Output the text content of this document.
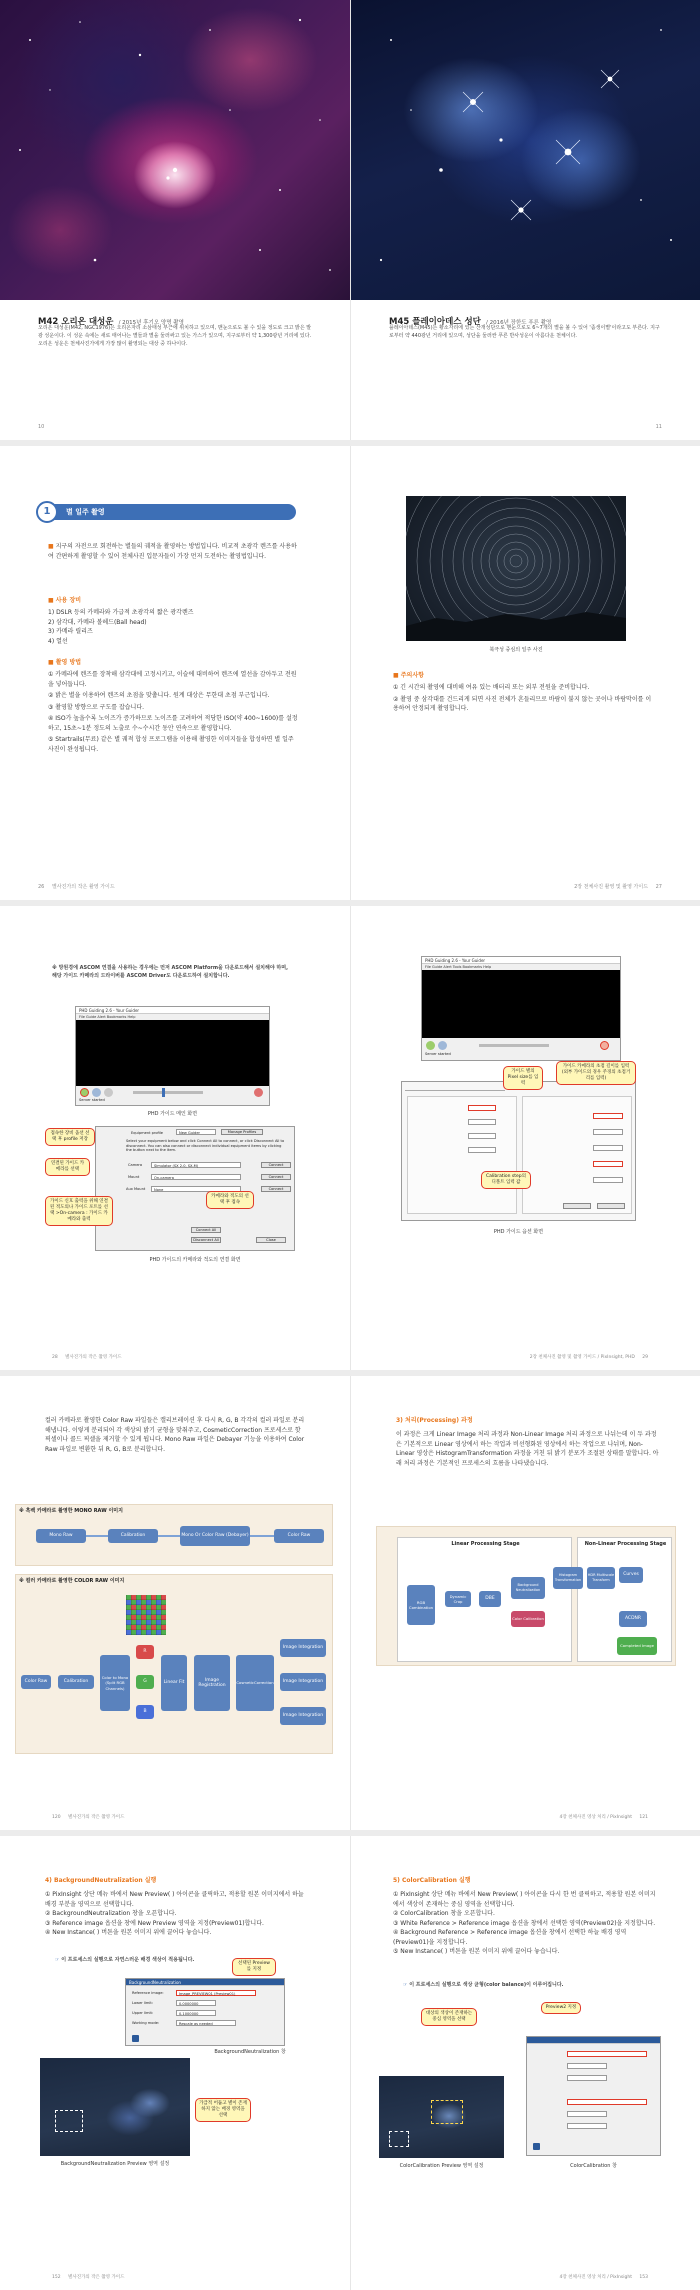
M42 오리온 대성운 / 2015년 후기오 양명 촬영
오리온 대성운(M42, NGC1976)은 오리온자리 소삼태성 부근에 위치하고 있으며, 맨눈으로도 볼 수 있을 정도로 크고 밝은 발광 성운이다. 이 성운 속에는 새로 태어나는 별들과 별을 둘러싸고 있는 가스가 있으며, 지구로부터 약 1,300광년 거리에 있다. 오리온 성운은 천체사진가에게 가장 많이 촬영되는 대상 중 하나이다.
10
M45 플레이아데스 성단 / 2016년 장한도 푸른 촬영
플레이아데스(M45)는 황소자리에 있는 산개성단으로 맨눈으로도 6~7개의 별을 볼 수 있어 '좀생이별'이라고도 부른다. 지구로부터 약 440광년 거리에 있으며, 성단을 둘러싼 푸른 반사성운이 아름다운 천체이다.
11
1	별 일주 촬영
■ 지구의 자전으로 회전하는 별들의 궤적을 촬영하는 방법입니다. 비교적 초광각 렌즈를 사용하여 간편하게 촬영할 수 있어 천체사진 입문자들이 가장 먼저 도전하는 촬영법입니다.
■ 사용 장비
1) DSLR 등의 카메라와 가급적 초광각의 짧은 광각렌즈
2) 삼각대, 카메라 볼헤드(Ball head)
3) 카메라 릴리즈
4) 열선
■ 촬영 방법
① 카메라에 렌즈를 장착해 삼각대에 고정시키고, 이슬에 대비하여 렌즈에 열선을 감아두고 전원을 넣어둡니다.
② 밝은 별을 이용하여 렌즈의 초점을 맞춥니다. 원계 대상은 무한대 초점 부근입니다.
③ 촬영할 방향으로 구도를 잡습니다.
④ ISO가 높을수록 노이즈가 증가하므로 노이즈를 고려하여 적당한 ISO(약 400~1600)를 설정하고, 15초~1분 정도의 노출로 수~수시간 동안 연속으로 촬영합니다.
⑤ Startrails(무료) 같은 별 궤적 합성 프로그램을 이용해 촬영한 이미지들을 합성하면 별 일주 사진이 완성됩니다.
26 별사진가의 작은 촬영 가이드
북극성 중심의 일주 사진
■ 주의사항
① 긴 시간의 촬영에 대비해 여유 있는 배터리 또는 외부 전원을 준비합니다.
② 촬영 중 삼각대를 건드리게 되면 사진 전체가 흔들리므로 바람이 불지 않는 곳이나 바람막이를 이용하여 안정되게 촬영합니다.
2장 천체사진 촬영 및 촬영 가이드 27
※ 망원경에 ASCOM 연결을 사용하는 경우에는 먼저 ASCOM Platform을 다운로드해서 설치해야 하며, 해당 가이드 카메라의 드라이버를 ASCOM Driver도 다운로드하여 설치합니다.
PHD Guiding 2.6 - Your Guider
File Guide Alert Bookmarks Help
Server started
PHD 가이드 메인 화면
Equipment profile	New Guider	Manage Profiles
Select your equipment below and click Connect All to connect, or click Disconnect All to disconnect. You can also connect or disconnect individual equipment items by clicking the button next to the item.
Camera	Simulator (SX 2.0, SX-M)	Connect
Mount	On-camera	Connect
Aux Mount None	Connect
Connect All
Disconnect All	Close
접속한 장비 옵션 선택 후 profile 저장
연결된 가이드 카메라를 선택
가이드 신호 출력을 위해 연결된 적도의나 가이드 포트를 선택 >On-camera : 가이드 카메라와 출력
카메라와 적도의 선택 후 접속
PHD 가이드의 카메라와 적도의 연결 화면
28 별사진가의 작은 촬영 가이드
PHD Guiding 2.6 - Your Guider
File Guide Alert Tools Bookmarks Help
Server started
가이드 별의 Pixel size를 입력
가이드 카메라의 초점 길이를 입력 (외부 가이드의 경우 주경의 초점거리를 입력)
Calibration step의 디폴트 입력 값
PHD 가이드 옵션 화면
2장 천체사진 촬영 및 촬영 가이드 / PixInsight, PHD 29
컬러 카메라로 촬영한 Color Raw 파일들은 캘리브레이션 후 다시 R, G, B 각각의 컬러 파일로 분리해냅니다. 이렇게 분리되어 각 색상의 밝기 균형을 맞춰주고, CosmeticCorrection 프로세스로 핫 픽셀이나 콜드 픽셀을 제거할 수 있게 됩니다. Mono Raw 파일은 Debayer 기능을 이용하여 Color Raw 파일로 변환한 뒤 R, G, B로 분리합니다.
※ 흑백 카메라로 촬영한 MONO RAW 이미지
Mono Raw	Calibration	Mono Or Color Raw (Debayer)	Color Raw
※ 컬러 카메라로 촬영한 COLOR RAW 이미지
Color Raw	Calibration
Color to Mono (Split RGB Channels)
R
G
B
Linear Fit
Image Registration
CosmeticCorrection
Image Integration
Image Integration
Image Integration
120 별사진가의 작은 촬영 가이드
3) 처리(Processing) 과정
이 과정은 크게 Linear Image 처리 과정과 Non-Linear Image 처리 과정으로 나뉘는데 이 두 과정은 기본적으로 Linear 영상에서 하는 작업과 비선형화된 영상에서 하는 작업으로 나뉘며, Non-Linear 영상은 HistogramTransformation 과정을 거친 뒤 밝기 분포가 조절된 상태를 말합니다. 아래 처리 과정은 기본적인 프로세스의 흐름을 나타냈습니다.
Linear Processing Stage	Non-Linear Processing Stage
RGB Combination
Dynamic Crop
DBE
Color Calibration
Background Neutralization
Histogram Transformation
HDR Multiscale Transform
Curves
ACDNR
Completed Image
4장 천체사진 영상 처리 / PixInsight 121
4) BackgroundNeutralization 실행
① PixInsight 상단 메뉴 바에서 New Preview( ) 아이콘을 클릭하고, 적용할 원본 이미지에서 하늘 배경 부분을 영역으로 선택합니다.
② BackgroundNeutralization 창을 오픈합니다.
③ Reference image 옵션을 창에 New Preview 영역을 지정(Preview01)합니다.
④ New Instance( ) 버튼을 원본 이미지 위에 끌어다 놓습니다.
☞ 이 프로세스의 실행으로 자연스러운 배경 색상이 적용됩니다.
BackgroundNeutralization
Reference image:	Image_PREVIEW01 (Preview01)
Lower limit:	0.0000000
Upper limit:	0.1000000
Working mode:	Rescale as needed
선택된 Preview를 지정
BackgroundNeutralization 창
가급적 어둡고 별이 존재하지 않는 배경 영역을 선택
BackgroundNeutralization Preview 영역 설정
152 별사진가의 작은 촬영 가이드
5) ColorCalibration 실행
① PixInsight 상단 메뉴 바에서 New Preview( ) 아이콘을 다시 한 번 클릭하고, 적용할 원본 이미지에서 색상이 존재하는 중심 영역을 선택합니다.
② ColorCalibration 창을 오픈합니다.
③ White Reference > Reference image 옵션을 창에서 선택한 영역(Preview02)을 지정합니다.
④ Background Reference > Reference image 옵션을 창에서 선택한 하늘 배경 영역(Preview01)을 지정합니다.
⑤ New Instance( ) 버튼을 원본 이미지 위에 끌어다 놓습니다.
☞ 이 프로세스의 실행으로 색상 균형(color balance)이 이루어집니다.
Preview2 지정
대상의 색상이 존재하는 중심 영역을 선택
ColorCalibration Preview 영역 설정	ColorCalibration 창
4장 천체사진 영상 처리 / PixInsight 153
